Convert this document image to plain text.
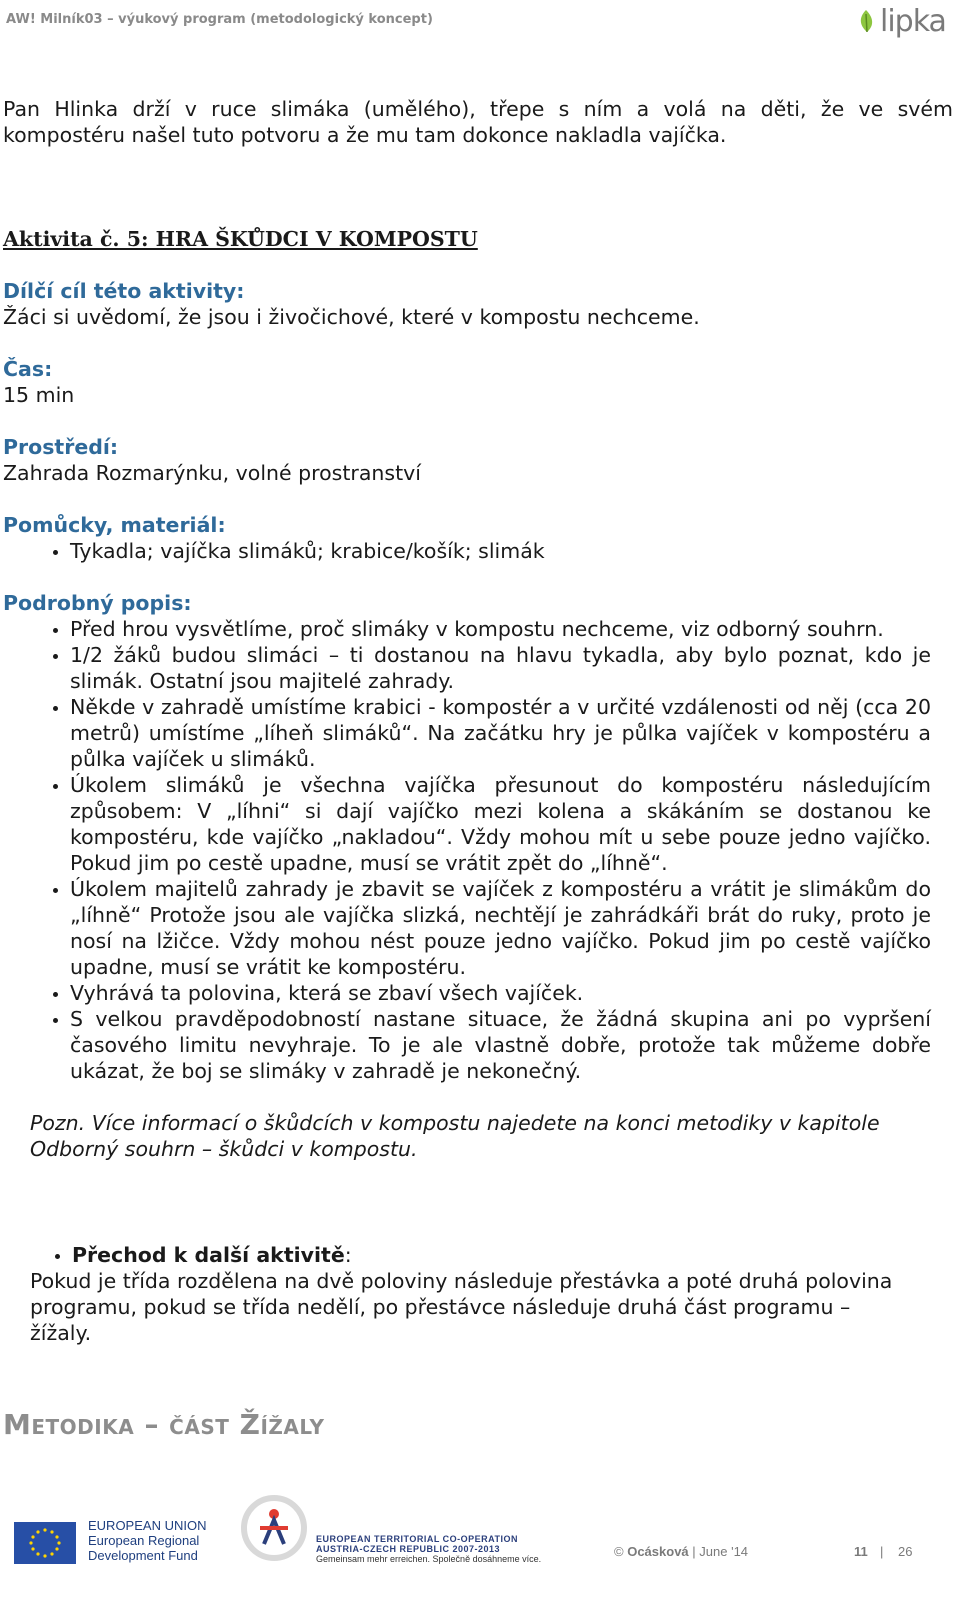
AW! Milník03 – výukový program (metodologický koncept)	lipka

Pan Hlinka drží v ruce slimáka (umělého), třepe s ním a volá na děti, že ve svém kompostéru našel tuto potvoru a že mu tam dokonce nakladla vajíčka.

Aktivita č. 5: HRA ŠKŮDCI V KOMPOSTU

Dílčí cíl této aktivity:
Žáci si uvědomí, že jsou i živočichové, které v kompostu nechceme.
Čas:
15 min
Prostředí:
Zahrada Rozmarýnku, volné prostranství
Pomůcky, materiál:
• Tykadla; vajíčka slimáků; krabice/košík; slimák
Podrobný popis:
• Před hrou vysvětlíme, proč slimáky v kompostu nechceme, viz odborný souhrn.
• 1/2 žáků budou slimáci – ti dostanou na hlavu tykadla, aby bylo poznat, kdo je slimák. Ostatní jsou majitelé zahrady.
• Někde v zahradě umístíme krabici - kompostér a v určité vzdálenosti od něj (cca 20 metrů) umístíme „líheň slimáků“. Na začátku hry je půlka vajíček v kompostéru a půlka vajíček u slimáků.
• Úkolem slimáků je všechna vajíčka přesunout do kompostéru následujícím způsobem: V „líhni“ si dají vajíčko mezi kolena a skákáním se dostanou ke kompostéru, kde vajíčko „nakladou“. Vždy mohou mít u sebe pouze jedno vajíčko. Pokud jim po cestě upadne, musí se vrátit zpět do „líhně“.
• Úkolem majitelů zahrady je zbavit se vajíček z kompostéru a vrátit je slimákům do „líhně“ Protože jsou ale vajíčka slizká, nechtějí je zahrádkáři brát do ruky, proto je nosí na lžičce. Vždy mohou nést pouze jedno vajíčko. Pokud jim po cestě vajíčko upadne, musí se vrátit ke kompostéru.
• Vyhrává ta polovina, která se zbaví všech vajíček.
• S velkou pravděpodobností nastane situace, že žádná skupina ani po vypršení časového limitu nevyhraje. To je ale vlastně dobře, protože tak můžeme dobře ukázat, že boj se slimáky v zahradě je nekonečný.

Pozn. Více informací o škůdcích v kompostu najedete na konci metodiky v kapitole Odborný souhrn – škůdci v kompostu.

• Přechod k další aktivitě:
Pokud je třída rozdělena na dvě poloviny následuje přestávka a poté druhá polovina programu, pokud se třída nedělí, po přestávce následuje druhá část programu – žížaly.
Metodika – část Žížaly
EUROPEAN UNION
European Regional
Development Fund
EUROPEAN TERRITORIAL CO-OPERATION
AUSTRIA-CZECH REPUBLIC 2007-2013
Gemeinsam mehr erreichen. Společně dosáhneme více.	© Ocásková | June '14	11 | 26
